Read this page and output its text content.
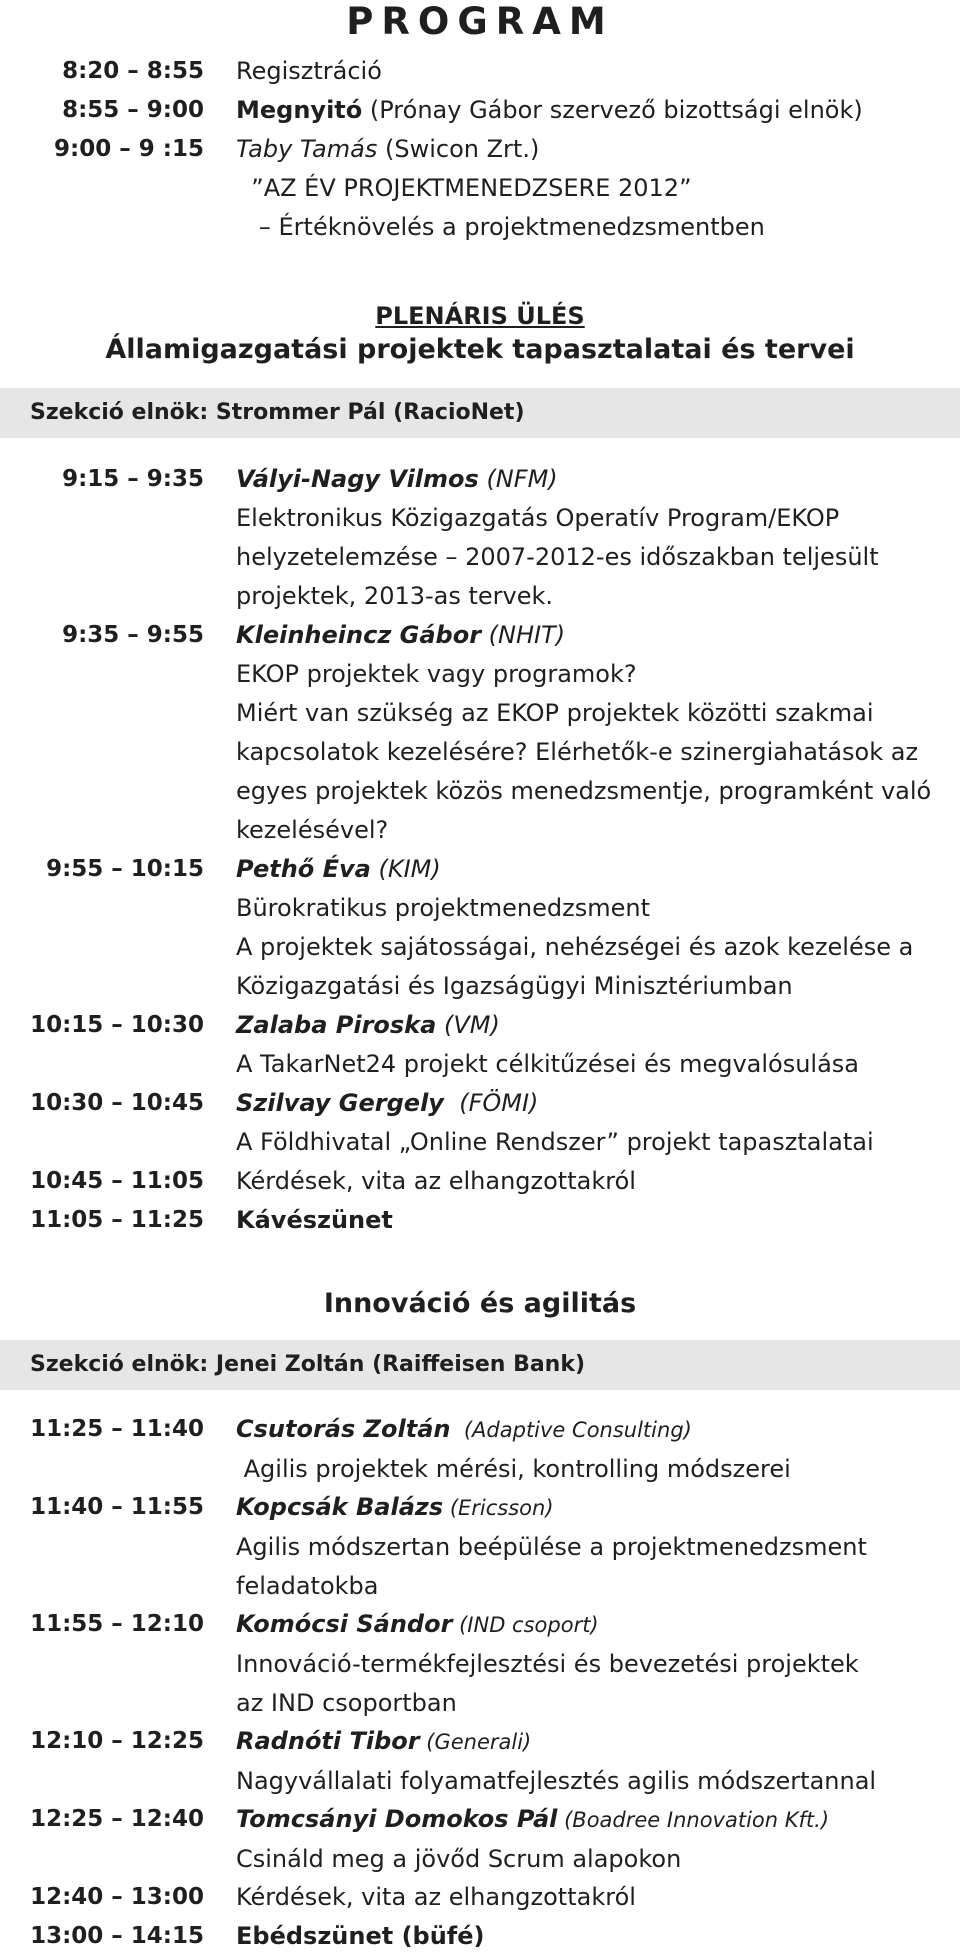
PROGRAM
8:20 – 8:55 Regisztráció
8:55 – 9:00 Megnyitó (Prónay Gábor szervező bizottsági elnök)
9:00 – 9 :15 Taby Tamás (Swicon Zrt.)
”AZ ÉV PROJEKTMENEDZSERE 2012”
– Értéknövelés a projektmenedzsmentben
PLENÁRIS ÜLÉS
Államigazgatási projektek tapasztalatai és tervei
Szekció elnök: Strommer Pál (RacioNet)
9:15 – 9:35 Vályi-Nagy Vilmos (NFM)
Elektronikus Közigazgatás Operatív Program/EKOP
helyzetelemzése – 2007-2012-es időszakban teljesült
projektek, 2013-as tervek.
9:35 – 9:55 Kleinheincz Gábor (NHIT)
EKOP projektek vagy programok?
Miért van szükség az EKOP projektek közötti szakmai
kapcsolatok kezelésére? Elérhetők-e szinergiahatások az
egyes projektek közös menedzsmentje, programként való
kezelésével?
9:55 – 10:15 Pethő Éva (KIM)
Bürokratikus projektmenedzsment
A projektek sajátosságai, nehézségei és azok kezelése a
Közigazgatási és Igazságügyi Minisztériumban
10:15 – 10:30 Zalaba Piroska (VM)
A TakarNet24 projekt célkitűzései és megvalósulása
10:30 – 10:45 Szilvay Gergely  (FÖMI)
A Földhivatal „Online Rendszer” projekt tapasztalatai
10:45 – 11:05 Kérdések, vita az elhangzottakról
11:05 – 11:25 Kávészünet
Innováció és agilitás
Szekció elnök: Jenei Zoltán (Raiffeisen Bank)
11:25 – 11:40 Csutorás Zoltán  (Adaptive Consulting)
Agilis projektek mérési, kontrolling módszerei
11:40 – 11:55 Kopcsák Balázs (Ericsson)
Agilis módszertan beépülése a projektmenedzsment
feladatokba
11:55 – 12:10 Komócsi Sándor (IND csoport)
Innováció-termékfejlesztési és bevezetési projektek
az IND csoportban
12:10 – 12:25 Radnóti Tibor (Generali)
Nagyvállalati folyamatfejlesztés agilis módszertannal
12:25 – 12:40 Tomcsányi Domokos Pál (Boadree Innovation Kft.)
Csináld meg a jövőd Scrum alapokon
12:40 – 13:00 Kérdések, vita az elhangzottakról
13:00 – 14:15 Ebédszünet (büfé)
